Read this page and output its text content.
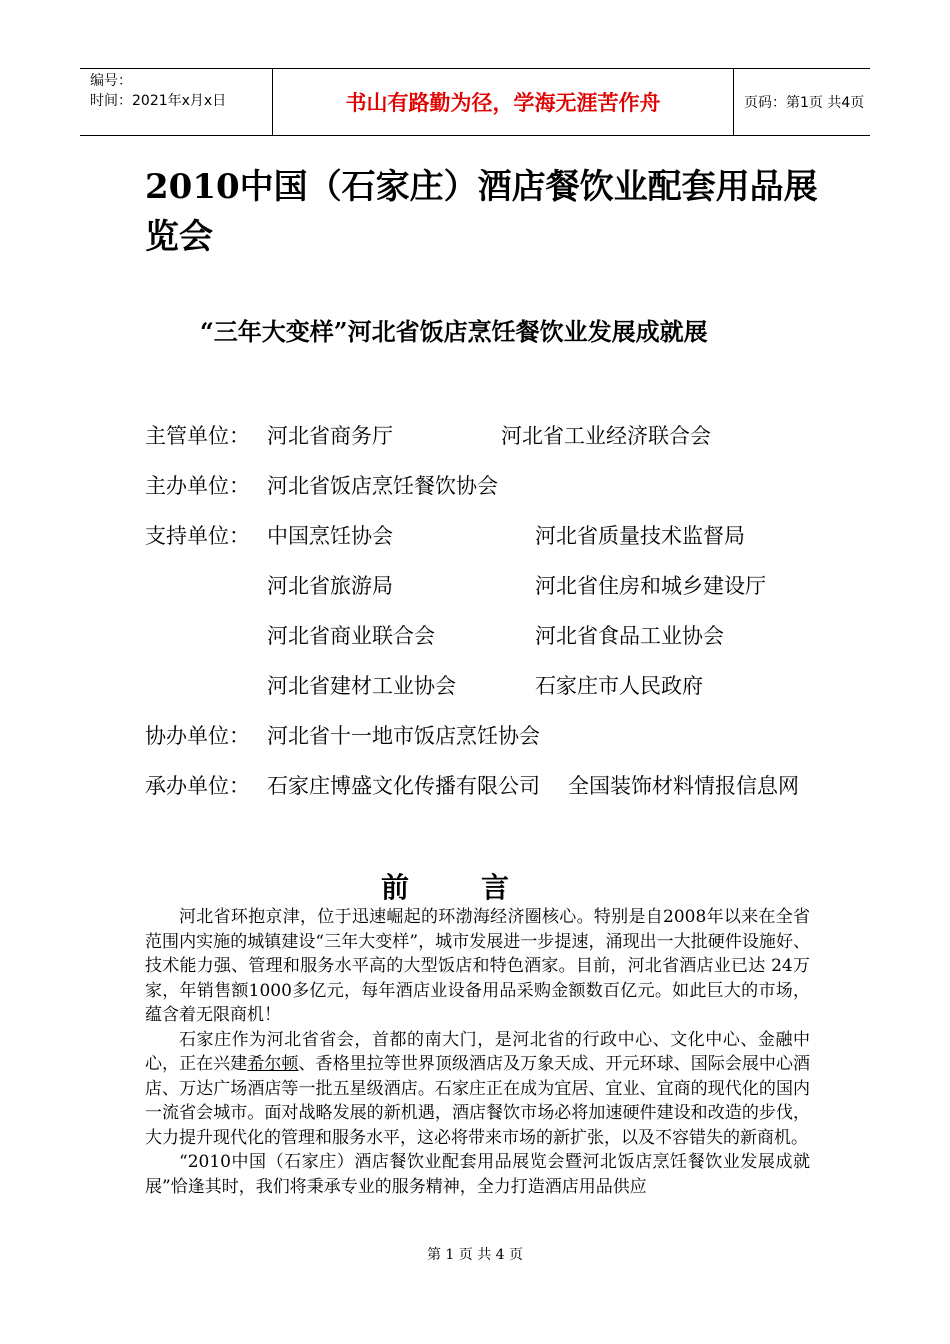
编号：
时间：2021年x月x日	书山有路勤为径，学海无涯苦作舟	页码：第1页 共4页
2010中国（石家庄）酒店餐饮业配套用品展览会
“三年大变样”河北省饭店烹饪餐饮业发展成就展
主管单位： 河北省商务厅	河北省工业经济联合会
主办单位： 河北省饭店烹饪餐饮协会
支持单位： 中国烹饪协会	河北省质量技术监督局
河北省旅游局	河北省住房和城乡建设厅
河北省商业联合会	河北省食品工业协会
河北省建材工业协会	石家庄市人民政府
协办单位： 河北省十一地市饭店烹饪协会
承办单位： 石家庄博盛文化传播有限公司 全国装饰材料情报信息网
前言

河北省环抱京津，位于迅速崛起的环渤海经济圈核心。特别是自2008年以来在全省范围内实施的城镇建设“三年大变样”，城市发展进一步提速，涌现出一大批硬件设施好、技术能力强、管理和服务水平高的大型饭店和特色酒家。目前，河北省酒店业已达 24万家，年销售额1000多亿元，每年酒店业设备用品采购金额数百亿元。如此巨大的市场，蕴含着无限商机！

石家庄作为河北省省会，首都的南大门，是河北省的行政中心、文化中心、金融中心，正在兴建希尔顿、香格里拉等世界顶级酒店及万象天成、开元环球、国际会展中心酒店、万达广场酒店等一批五星级酒店。石家庄正在成为宜居、宜业、宜商的现代化的国内一流省会城市。面对战略发展的新机遇，酒店餐饮市场必将加速硬件建设和改造的步伐，大力提升现代化的管理和服务水平，这必将带来市场的新扩张，以及不容错失的新商机。

“2010中国（石家庄）酒店餐饮业配套用品展览会暨河北饭店烹饪餐饮业发展成就展”恰逢其时，我们将秉承专业的服务精神，全力打造酒店用品供应

第 1 页 共 4 页
